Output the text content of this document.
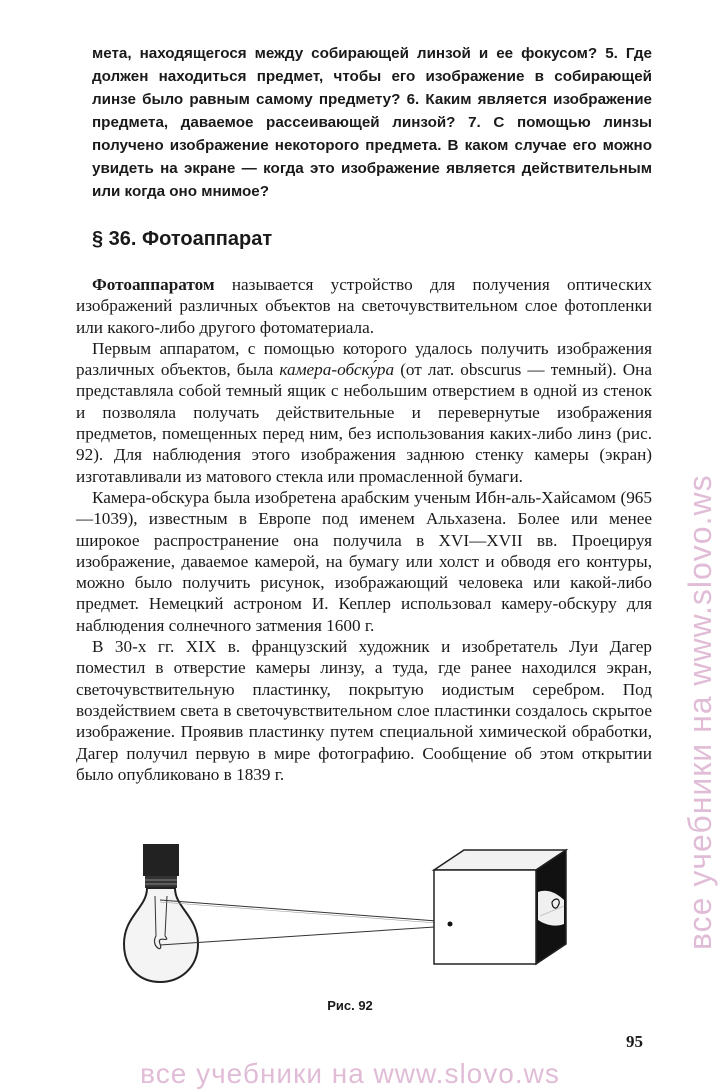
мета, находящегося между собирающей линзой и ее фокусом? 5. Где должен находиться предмет, чтобы его изображение в собирающей линзе было равным самому предмету? 6. Каким является изображение предмета, даваемое рассеивающей линзой? 7. С помощью линзы получено изображение некоторого предмета. В каком случае его можно увидеть на экране — когда это изображение является действительным или когда оно мнимое?
§ 36. Фотоаппарат

Фотоаппаратом называется устройство для получения оптических изображений различных объектов на светочувствительном слое фотопленки или какого-либо другого фотоматериала.

Первым аппаратом, с помощью которого удалось получить изображения различных объектов, была камера-обску́ра (от лат. obscurus — темный). Она представляла собой темный ящик с небольшим отверстием в одной из стенок и позволяла получать действительные и перевернутые изображения предметов, помещенных перед ним, без использования каких-либо линз (рис. 92). Для наблюдения этого изображения заднюю стенку камеры (экран) изготавливали из матового стекла или промасленной бумаги.

Камера-обскура была изобретена арабским ученым Ибн-аль-Хайсамом (965—1039), известным в Европе под именем Альхазена. Более или менее широкое распространение она получила в XVI—XVII вв. Проецируя изображение, даваемое камерой, на бумагу или холст и обводя его контуры, можно было получить рисунок, изображающий человека или какой-либо предмет. Немецкий астроном И. Кеплер использовал камеру-обскуру для наблюдения солнечного затмения 1600 г.

В 30-х гг. XIX в. французский художник и изобретатель Луи Дагер поместил в отверстие камеры линзу, а туда, где ранее находился экран, светочувствительную пластинку, покрытую иодистым серебром. Под воздействием света в светочувствительном слое пластинки создалось скрытое изображение. Проявив пластинку путем специальной химической обработки, Дагер получил первую в мире фотографию. Сообщение об этом открытии было опубликовано в 1839 г.

Рис. 92
95
все учебники на www.slovo.ws
все учебники на www.slovo.ws
